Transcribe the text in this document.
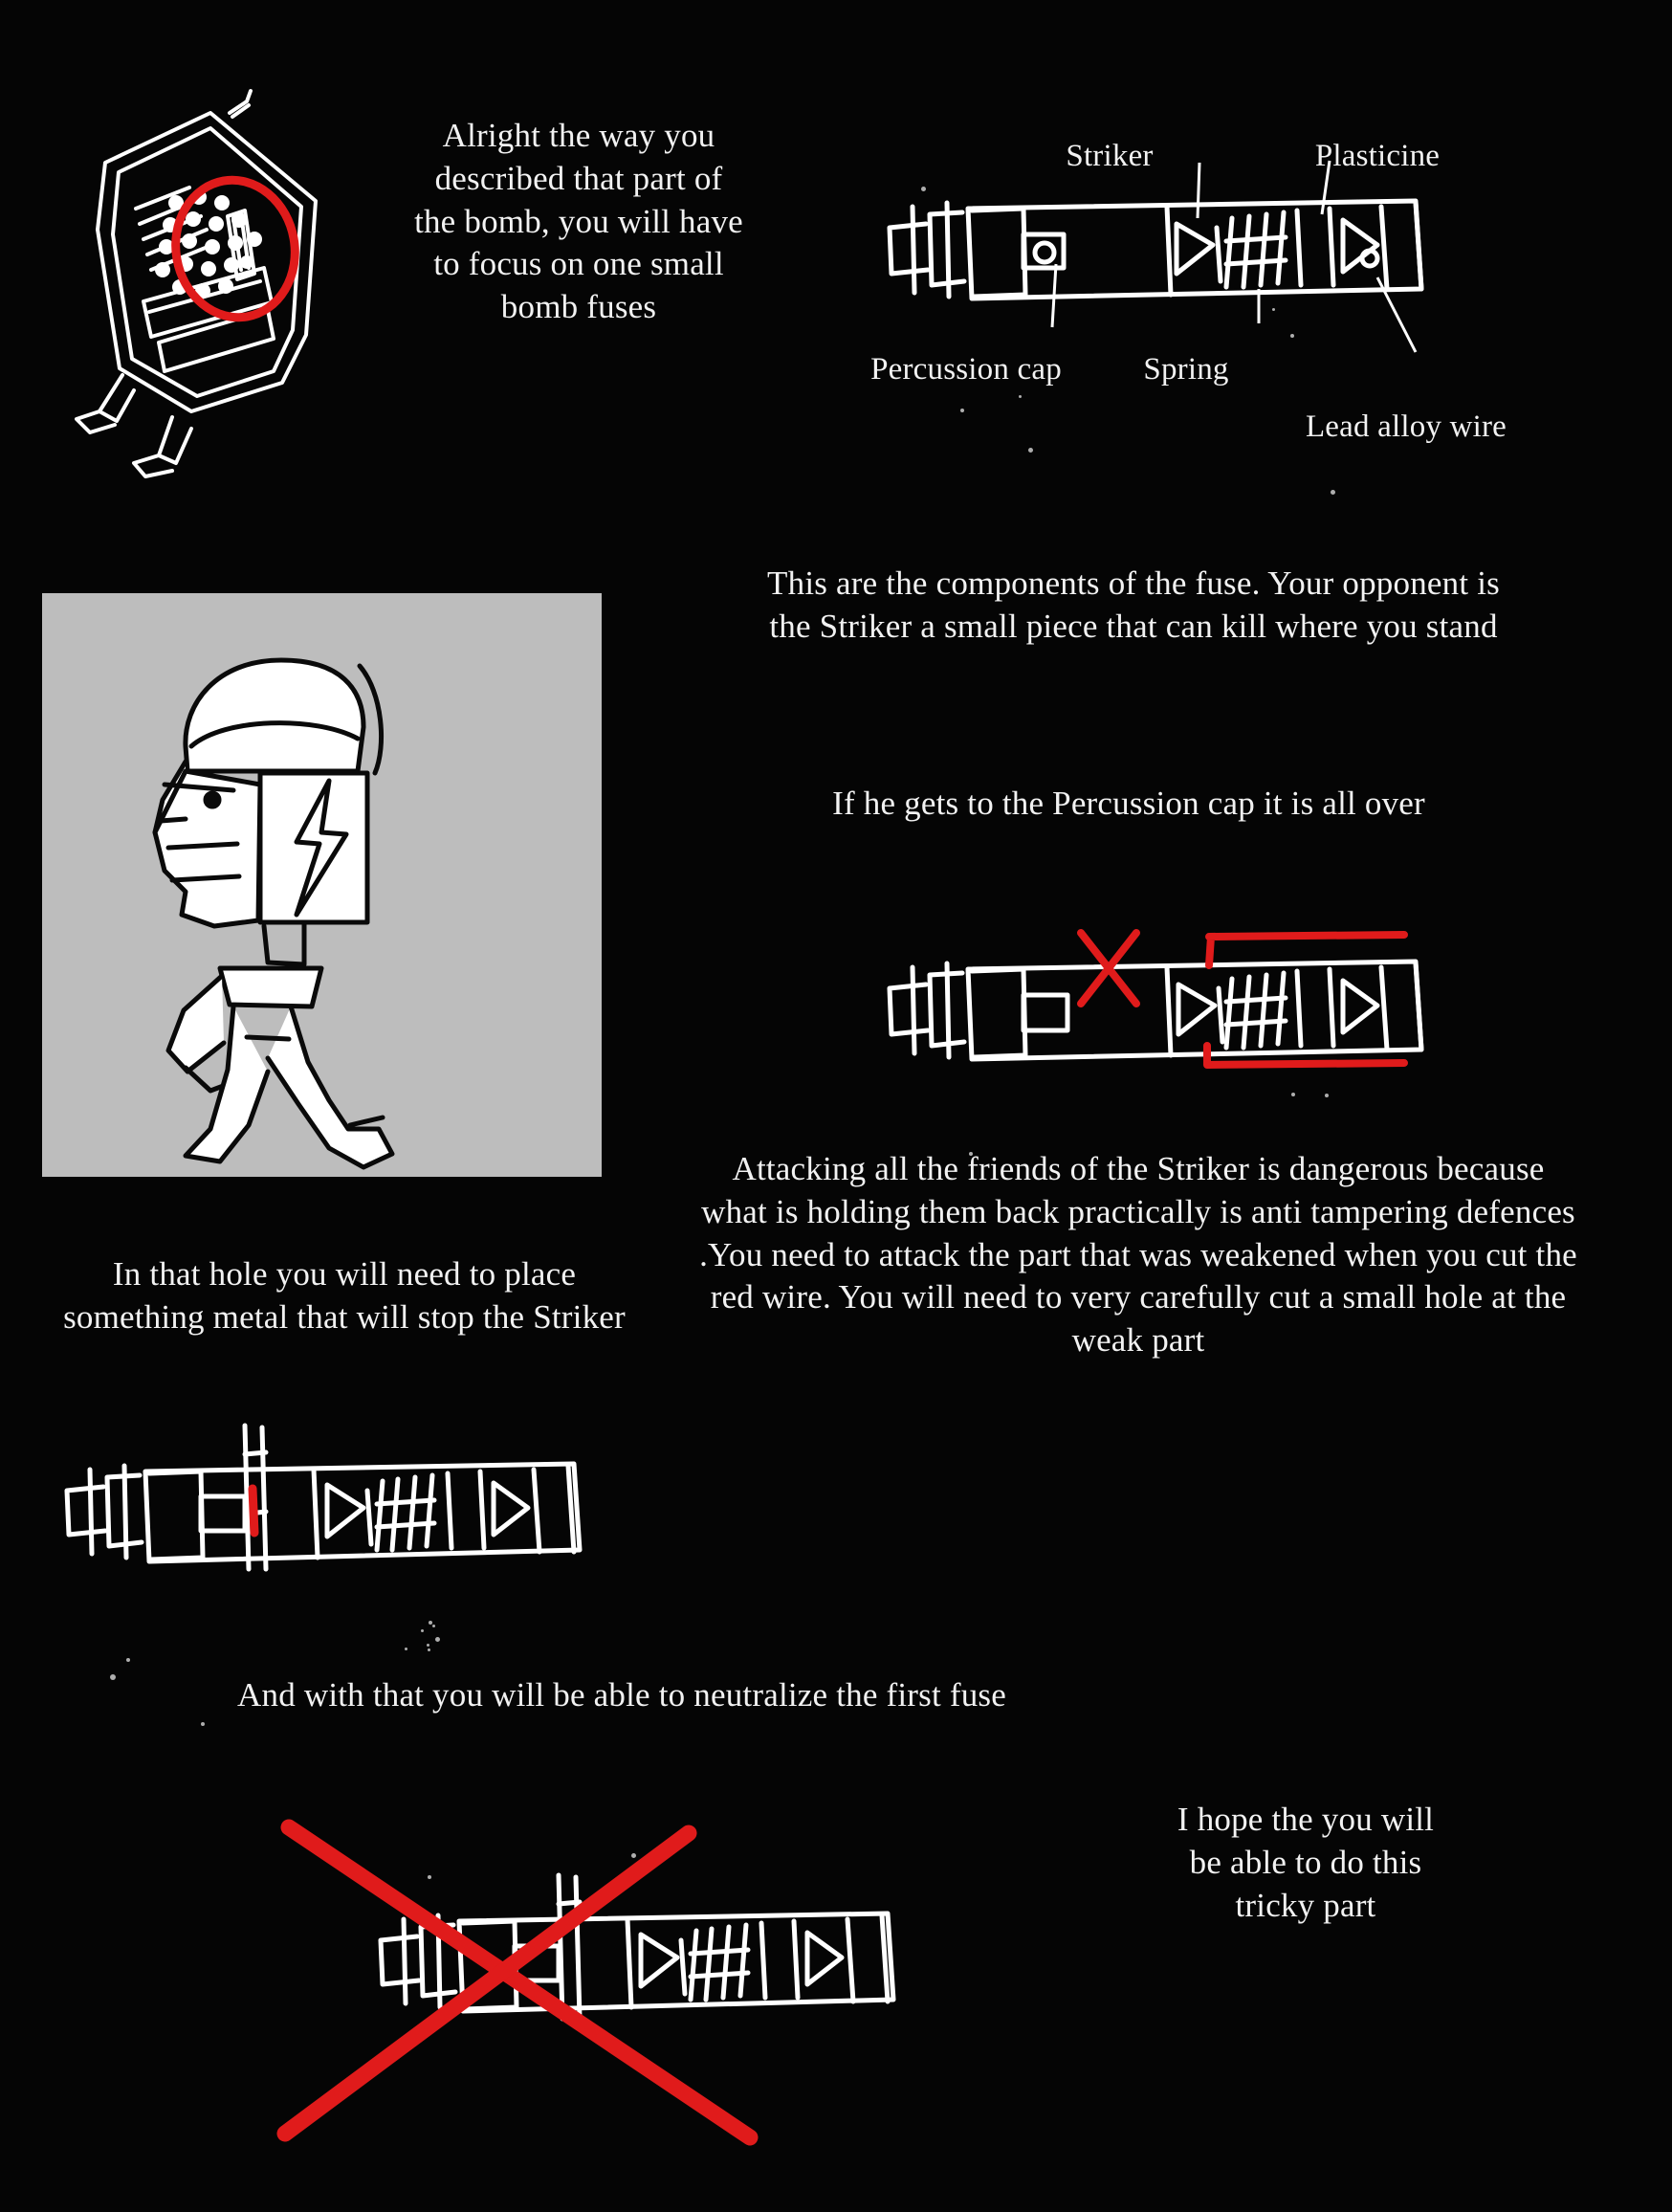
Alright the way you described that part of the bomb, you will have to focus on one small bomb fuses
Striker	Plasticine
Percussion cap	Spring
Lead alloy wire
This are the components of the fuse. Your opponent is the Striker a small piece that can kill where you stand
If he gets to the Percussion cap it is all over
Attacking all the friends of the Striker is dangerous because what is holding them back practically is anti tampering defences .You need to attack the part that was weakened when you cut the red wire. You will need to very carefully cut a small hole at the weak part
In that hole you will need to place something metal that will stop the Striker
And with that you will be able to neutralize the first fuse
I hope the you will be able to do this tricky part
